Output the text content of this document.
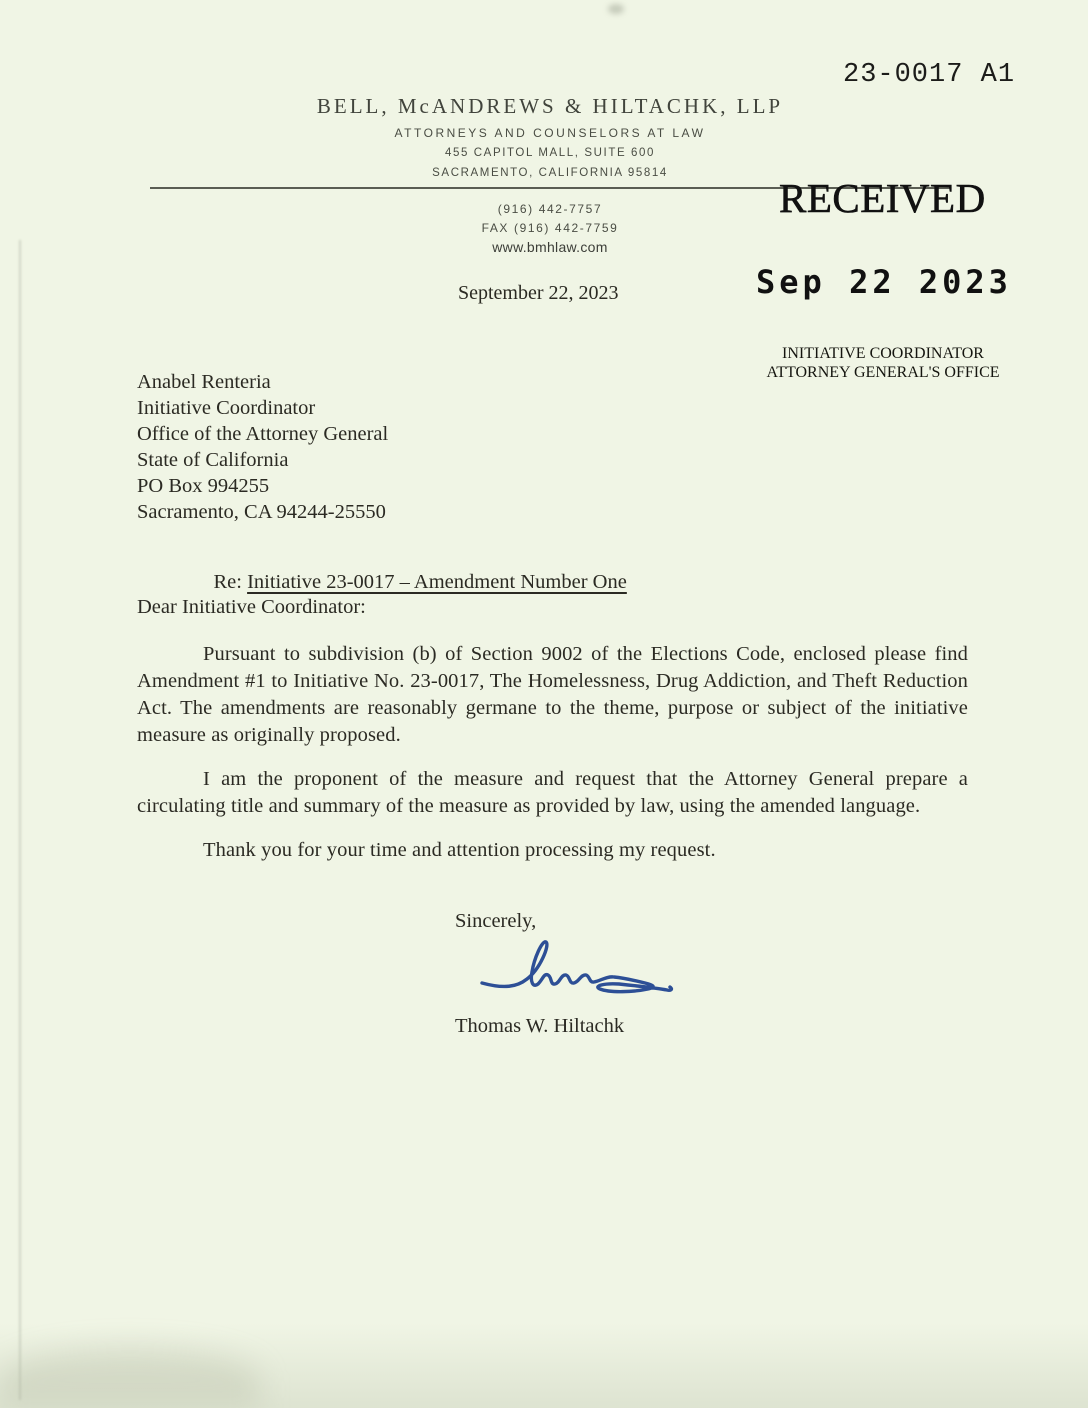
23-0017 A1
BELL, McANDREWS & HILTACHK, LLP
ATTORNEYS AND COUNSELORS AT LAW
455 CAPITOL MALL, SUITE 600
SACRAMENTO, CALIFORNIA 95814
(916) 442-7757
FAX (916) 442-7759
www.bmhlaw.com
RECEIVED
Sep 22 2023
INITIATIVE COORDINATOR
ATTORNEY GENERAL'S OFFICE
September 22, 2023
Anabel Renteria
Initiative Coordinator
Office of the Attorney General
State of California
PO Box 994255
Sacramento, CA 94244-25550

Re: Initiative 23-0017 – Amendment Number One

Dear Initiative Coordinator:

Pursuant to subdivision (b) of Section 9002 of the Elections Code, enclosed please find Amendment #1 to Initiative No. 23-0017, The Homelessness, Drug Addiction, and Theft Reduction Act. The amendments are reasonably germane to the theme, purpose or subject of the initiative measure as originally proposed.

I am the proponent of the measure and request that the Attorney General prepare a circulating title and summary of the measure as provided by law, using the amended language.

Thank you for your time and attention processing my request.

Sincerely,
Thomas W. Hiltachk
